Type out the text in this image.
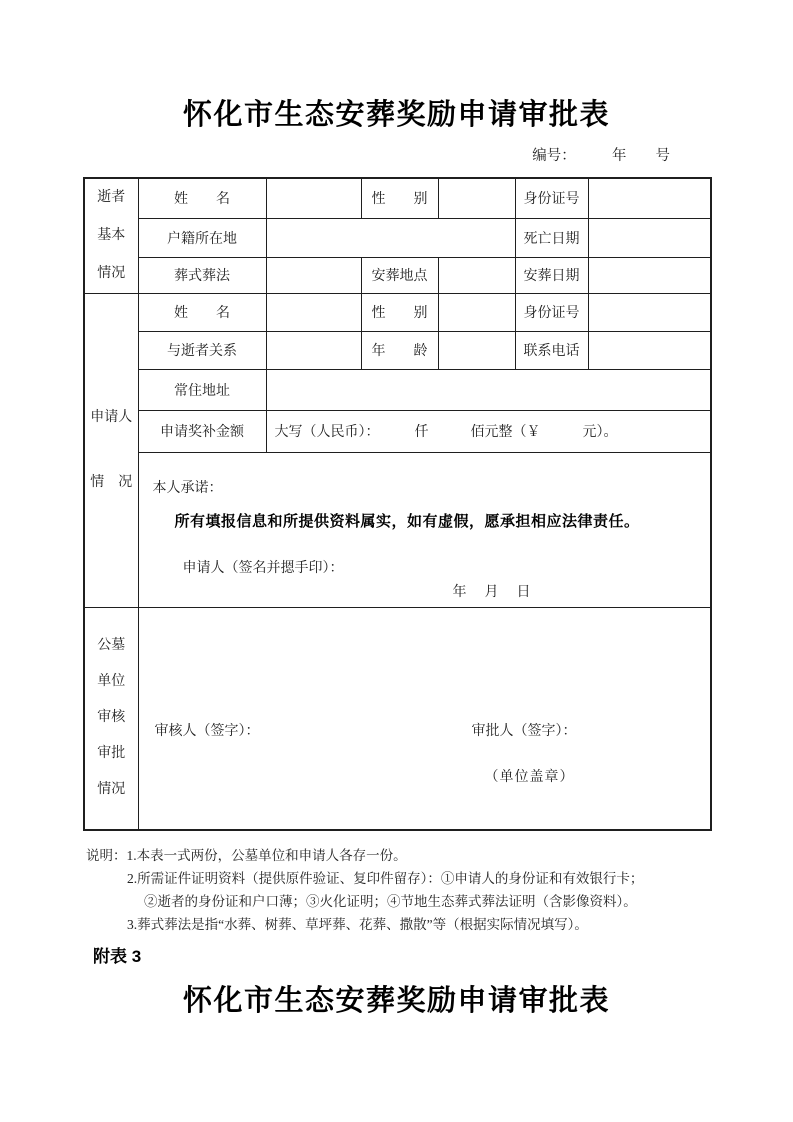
怀化市生态安葬奖励申请审批表
编号：　　　年　　号
逝者
基本
情况	姓　　名		性　　别		身份证号	
	户籍所在地				死亡日期	
	葬式葬法		安葬地点		安葬日期	

申请人
情　况	姓　　名		性　　别		身份证号	
	与逝者关系		年　　龄		联系电话	
	常住地址					
	申请奖补金额	大写（人民币）：　　　仟　　　佰元整（￥　　　元）。				

	本人承诺：
所有填报信息和所提供资料属实，如有虚假，愿承担相应法律责任。
申请人（签名并摁手印）：
年　月　日					

公墓
单位
审核
审批
情况

审核人（签字）：	审批人（签字）：
（单位盖章）
说明：1.本表一式两份，公墓单位和申请人各存一份。
2.所需证件证明资料（提供原件验证、复印件留存）：①申请人的身份证和有效银行卡；
②逝者的身份证和户口薄；③火化证明；④节地生态葬式葬法证明（含影像资料）。
3.葬式葬法是指“水葬、树葬、草坪葬、花葬、撒散”等（根据实际情况填写）。
附表 3
怀化市生态安葬奖励申请审批表
